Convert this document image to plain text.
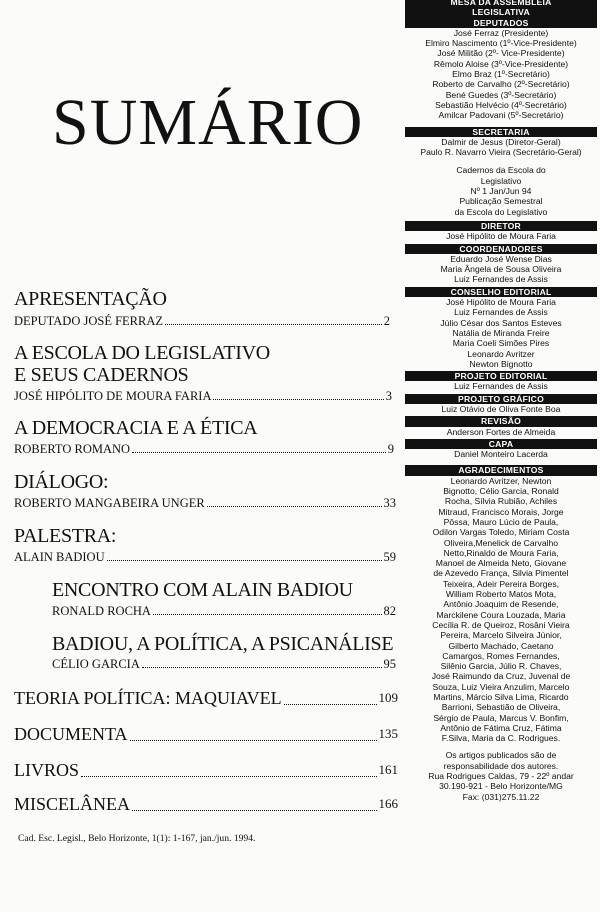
SUMÁRIO
APRESENTAÇÃO
DEPUTADO JOSÉ FERRAZ	2
A ESCOLA DO LEGISLATIVO
E SEUS CADERNOS
JOSÉ HIPÓLITO DE MOURA FARIA	3
A DEMOCRACIA E A ÉTICA
ROBERTO ROMANO	9
DIÁLOGO:
ROBERTO MANGABEIRA UNGER	33
PALESTRA:
ALAIN BADIOU	59
ENCONTRO COM ALAIN BADIOU
RONALD ROCHA	82
BADIOU, A POLÍTICA, A PSICANÁLISE
CÉLIO GARCIA	95
TEORIA POLÍTICA: MAQUIAVEL	109
DOCUMENTA	135
LIVROS	161
MISCELÂNEA	166
Cad. Esc. Legisl., Belo Horizonte, 1(1): 1-167, jan./jun. 1994.
MESA DA ASSEMBLEIA
LEGISLATIVA
DEPUTADOS
José Ferraz (Presidente)
Elmiro Nascimento (1º-Vice-Presidente)
José Militão (2º- Vice-Presidente)
Rêmolo Aloise (3º-Vice-Presidente)
Elmo Braz (1º-Secretário)
Roberto de Carvalho (2º-Secretário)
Bené Guedes (3º-Secretário)
Sebastião Helvécio (4º-Secretário)
Amilcar Padovani (5º-Secretário)
SECRETARIA
Dalmir de Jesus (Diretor-Geral)
Paulo R. Navarro Vieira (Secretário-Geral)
Cadernos da Escola do
Legislativo
Nº 1 Jan/Jun 94
Publicação Semestral
da Escola do Legislativo
DIRETOR
José Hipólito de Moura Faria
COORDENADORES
Eduardo José Wense Dias
Maria Ângela de Sousa Oliveira
Luiz Fernandes de Assis
CONSELHO EDITORIAL
José Hipólito de Moura Faria
Luiz Fernandes de Assis
Júlio César dos Santos Esteves
Natália de Miranda Freire
Maria Coeli Simões Pires
Leonardo Avritzer
Newton Bignotto
PROJETO EDITORIAL
Luiz Fernandes de Assis
PROJETO GRÁFICO
Luiz Otávio de Oliva Fonte Boa
REVISÃO
Anderson Fortes de Almeida
CAPA
Daniel Monteiro Lacerda
AGRADECIMENTOS
Leonardo Avritzer, Newton
Bignotto, Célio Garcia, Ronald
Rocha, Sílvia Rubião, Achiles
Mitraud, Francisco Morais, Jorge
Pôssa, Mauro Lúcio de Paula,
Odilon Vargas Toledo, Miriam Costa
Oliveira,Menelick de Carvalho
Netto,Rinaldo de Moura Faria,
Manoel de Almeida Neto, Giovane
de Azevedo França, Silvia Pimentel
Teixeira, Adeir Pereira Borges,
William Roberto Matos Mota,
Antônio Joaquim de Resende,
Marckilene Coura Louzada, Maria
Cecília R. de Queiroz, Rosâni Vieira
Pereira, Marcelo Silveira Júnior,
Gilberto Machado, Caetano
Camargos, Romes Fernandes,
Silênio Garcia, Júlio R. Chaves,
José Raimundo da Cruz, Juvenal de
Souza, Luiz Vieira Anzulim, Marcelo
Martins, Márcio Silva Lima, Ricardo
Barrioni, Sebastião de Oliveira,
Sérgio de Paula, Marcus V. Bonfim,
Antônio de Fátima Cruz, Fátima
F.Silva, Maria da C. Rodrigues.
Os artigos publicados são de
responsabilidade dos autores.
Rua Rodrigues Caldas, 79 - 22º andar
30.190-921 - Belo Horizonte/MG
Fax: (031)275.11.22
